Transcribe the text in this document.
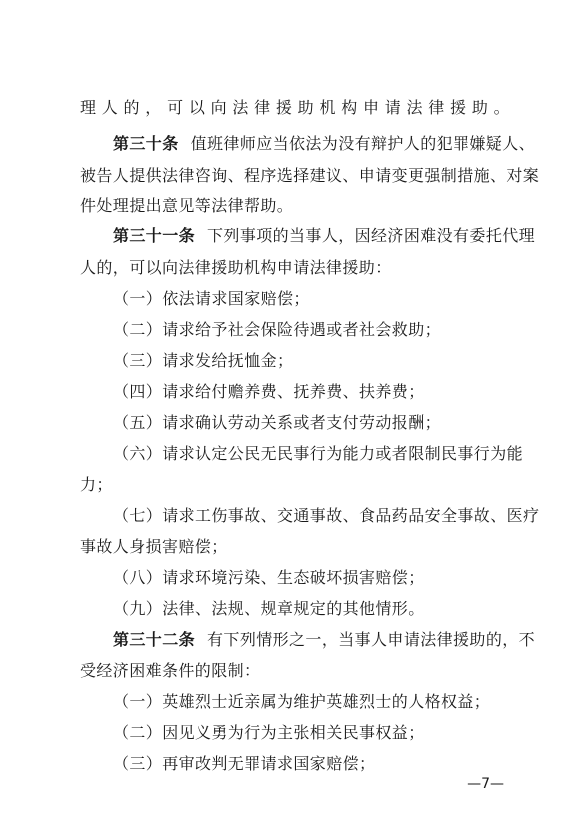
理人的，可以向法律援助机构申请法律援助。
第三十条 值班律师应当依法为没有辩护人的犯罪嫌疑人、
被告人提供法律咨询、程序选择建议、申请变更强制措施、对案
件处理提出意见等法律帮助。
第三十一条 下列事项的当事人，因经济困难没有委托代理
人的，可以向法律援助机构申请法律援助：
（一）依法请求国家赔偿；
（二）请求给予社会保险待遇或者社会救助；
（三）请求发给抚恤金；
（四）请求给付赡养费、抚养费、扶养费；
（五）请求确认劳动关系或者支付劳动报酬；
（六）请求认定公民无民事行为能力或者限制民事行为能
力；
（七）请求工伤事故、交通事故、食品药品安全事故、医疗
事故人身损害赔偿；
（八）请求环境污染、生态破坏损害赔偿；
（九）法律、法规、规章规定的其他情形。
第三十二条 有下列情形之一，当事人申请法律援助的，不
受经济困难条件的限制：
（一）英雄烈士近亲属为维护英雄烈士的人格权益；
（二）因见义勇为行为主张相关民事权益；
（三）再审改判无罪请求国家赔偿；
—7—
